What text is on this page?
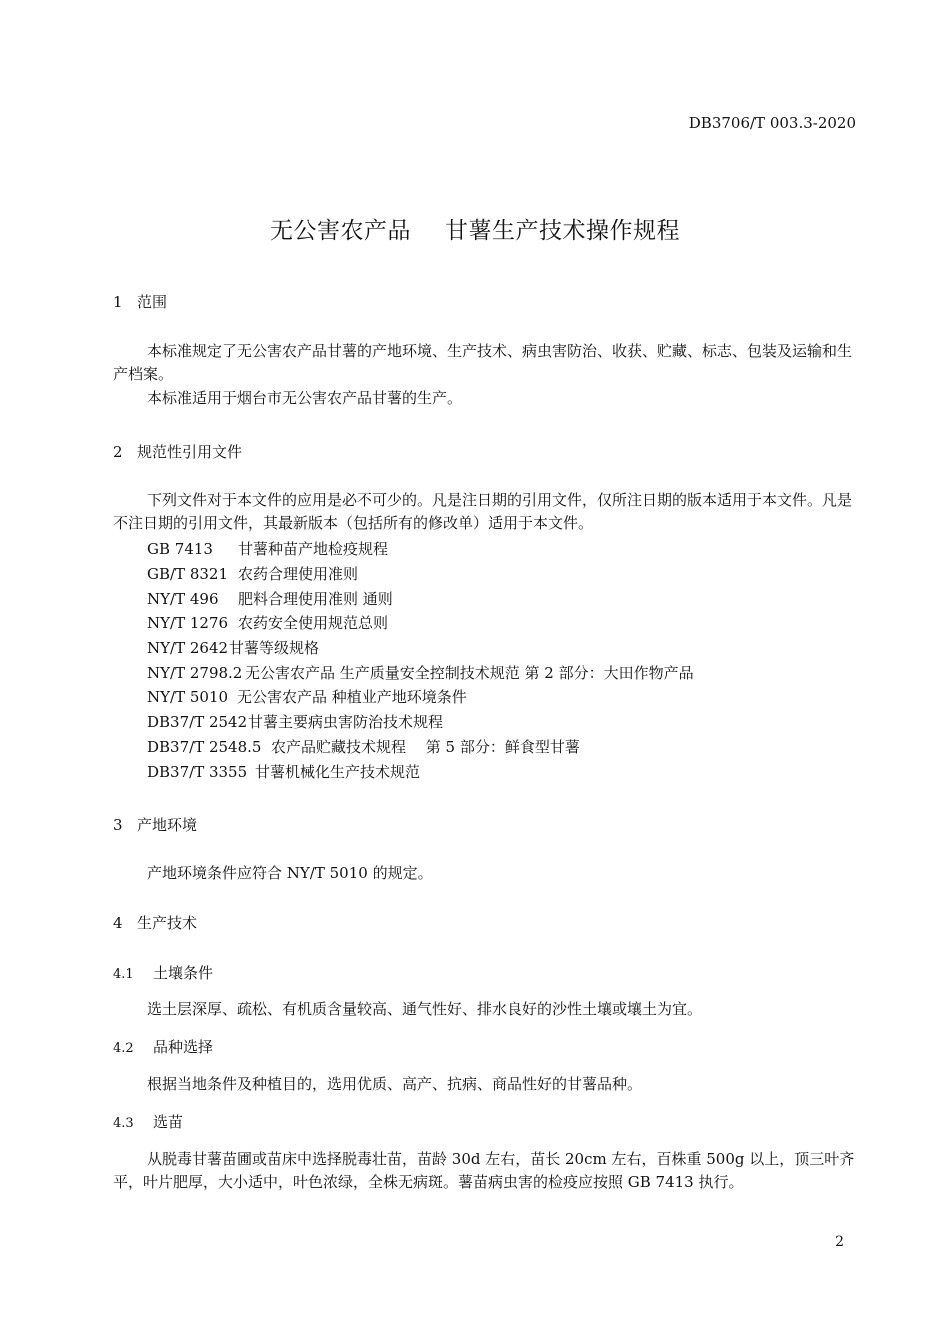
DB3706/T 003.3-2020
无公害农产品 甘薯生产技术操作规程
1 范围
本标准规定了无公害农产品甘薯的产地环境、生产技术、病虫害防治、收获、贮藏、标志、包装及运输和生产档案。
本标准适用于烟台市无公害农产品甘薯的生产。
2 规范性引用文件
下列文件对于本文件的应用是必不可少的。凡是注日期的引用文件，仅所注日期的版本适用于本文件。凡是不注日期的引用文件，其最新版本（包括所有的修改单）适用于本文件。
GB 7413 甘薯种苗产地检疫规程
GB/T 8321 农药合理使用准则
NY/T 496 肥料合理使用准则 通则
NY/T 1276 农药安全使用规范总则
NY/T 2642甘薯等级规格
NY/T 2798.2 无公害农产品 生产质量安全控制技术规范 第 2 部分：大田作物产品
NY/T 5010 无公害农产品 种植业产地环境条件
DB37/T 2542甘薯主要病虫害防治技术规程
DB37/T 2548.5 农产品贮藏技术规程　 第 5 部分：鲜食型甘薯
DB37/T 3355 甘薯机械化生产技术规范
3 产地环境
产地环境条件应符合 NY/T 5010 的规定。
4 生产技术
4.1 土壤条件
选土层深厚、疏松、有机质含量较高、通气性好、排水良好的沙性土壤或壤土为宜。
4.2 品种选择
根据当地条件及种植目的，选用优质、高产、抗病、商品性好的甘薯品种。
4.3 选苗
从脱毒甘薯苗圃或苗床中选择脱毒壮苗，苗龄 30d 左右，苗长 20cm 左右，百株重 500g 以上，顶三叶齐平，叶片肥厚，大小适中，叶色浓绿，全株无病斑。薯苗病虫害的检疫应按照 GB 7413 执行。
2
